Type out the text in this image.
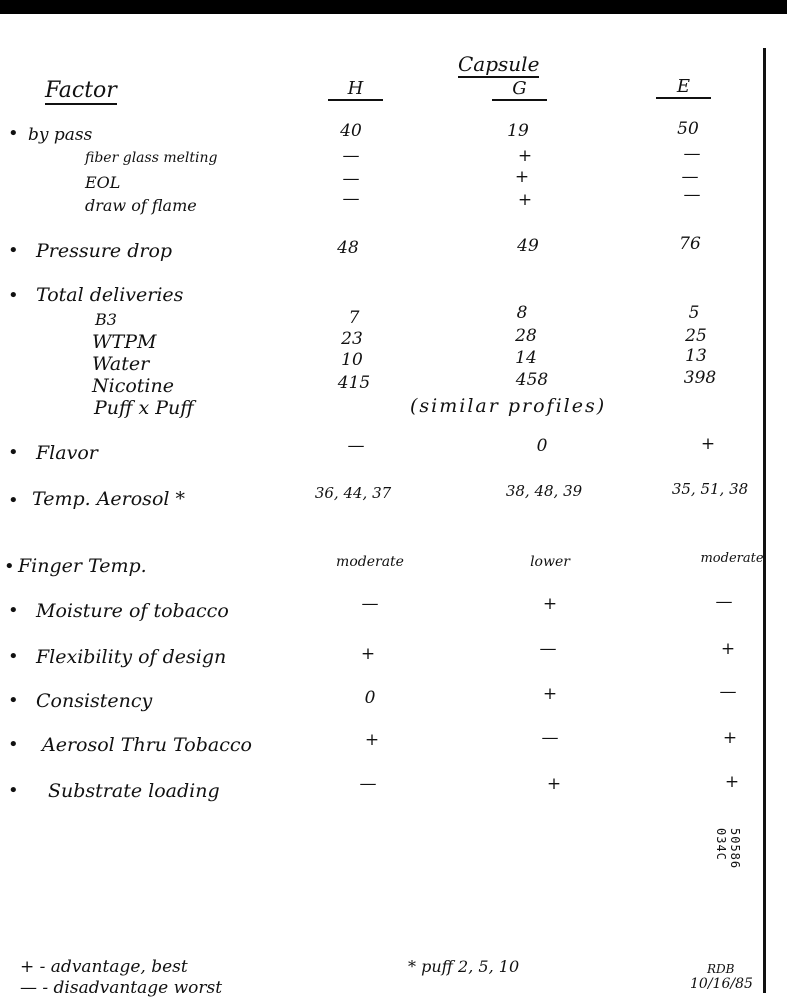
Factor
Capsule
H	G	E
• by pass	40	19	50
fiber glass melting	—	+	—
EOL	—	+	—
draw of flame	—	+	—
• Pressure drop	48	49	76
• Total deliveries
B3	7	8	5
WTPM	23	28	25
Water	10	14	13
Nicotine	415	458	398
Puff x Puff	(similar profiles)
• Flavor	—	0	+
• Temp. Aerosol *	36, 44, 37	38, 48, 39	35, 51, 38
• Finger Temp.	moderate	lower	moderate
• Moisture of tobacco	—	+	—
• Flexibility of design	+	—	+
• Consistency	0	+	—
• Aerosol Thru Tobacco	+	—	+
• Substrate loading	—	+	+
50586 034C
+ - advantage, best
— - disadvantage worst
* puff 2, 5, 10	RDB
10/16/85
